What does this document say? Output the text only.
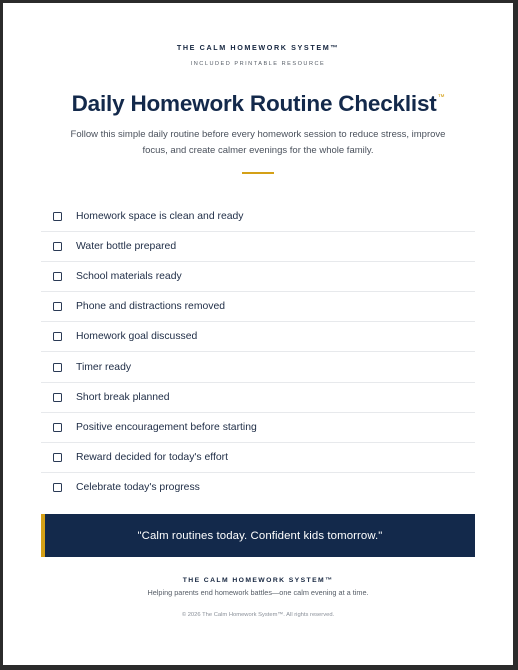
THE CALM HOMEWORK SYSTEM™
INCLUDED PRINTABLE RESOURCE
Daily Homework Routine Checklist™
Follow this simple daily routine before every homework session to reduce stress, improve focus, and create calmer evenings for the whole family.
Homework space is clean and ready
Water bottle prepared
School materials ready
Phone and distractions removed
Homework goal discussed
Timer ready
Short break planned
Positive encouragement before starting
Reward decided for today's effort
Celebrate today's progress
"Calm routines today. Confident kids tomorrow."
THE CALM HOMEWORK SYSTEM™
Helping parents end homework battles—one calm evening at a time.
© 2026 The Calm Homework System™. All rights reserved.
